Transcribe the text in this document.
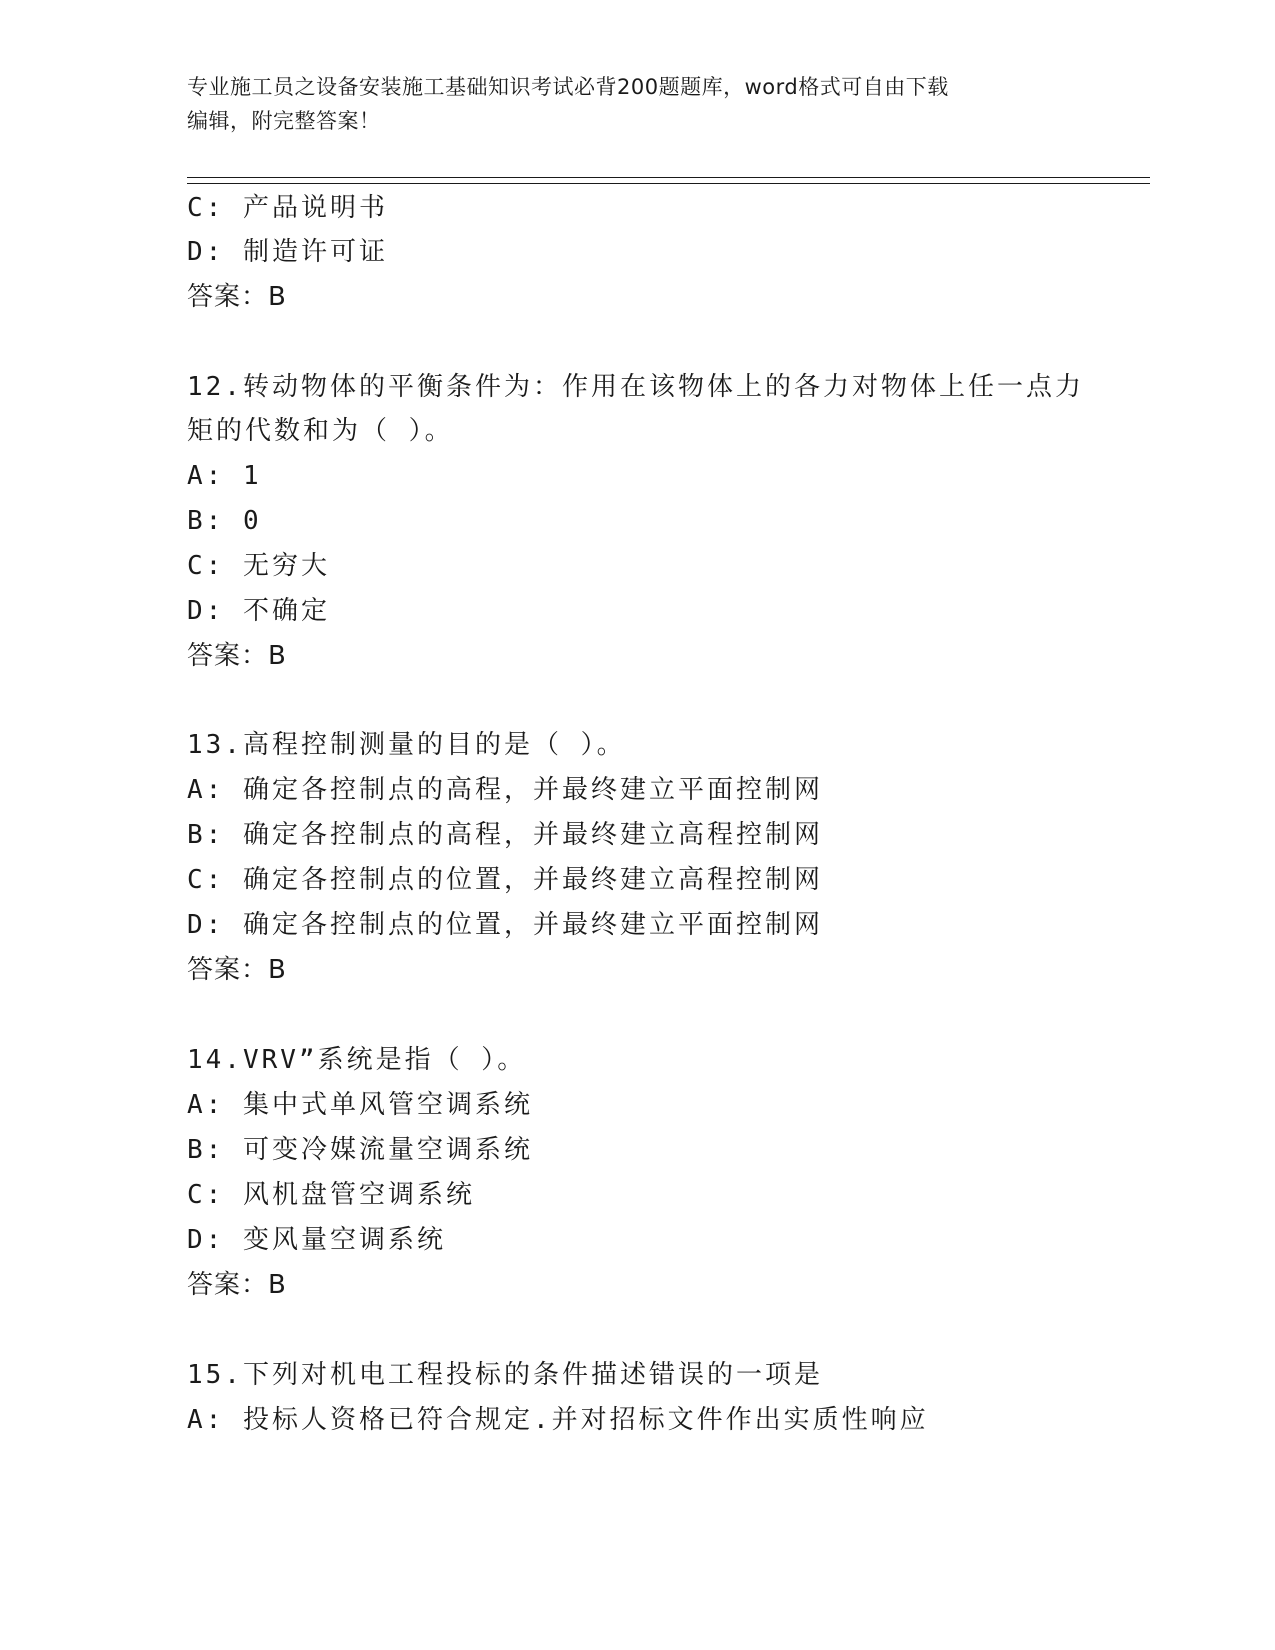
专业施工员之设备安装施工基础知识考试必背200题题库，word格式可自由下载
编辑，附完整答案！
C: 产品说明书
D: 制造许可证
答案：B
12.转动物体的平衡条件为：作用在该物体上的各力对物体上任一点力
矩的代数和为（ ）。
A: 1
B: 0
C: 无穷大
D: 不确定
答案：B
13.高程控制测量的目的是（ ）。
A: 确定各控制点的高程，并最终建立平面控制网
B: 确定各控制点的高程，并最终建立高程控制网
C: 确定各控制点的位置，并最终建立高程控制网
D: 确定各控制点的位置，并最终建立平面控制网
答案：B
14.VRV”系统是指（ ）。
A: 集中式单风管空调系统
B: 可变冷媒流量空调系统
C: 风机盘管空调系统
D: 变风量空调系统
答案：B
15.下列对机电工程投标的条件描述错误的一项是
A: 投标人资格已符合规定.并对招标文件作出实质性响应
